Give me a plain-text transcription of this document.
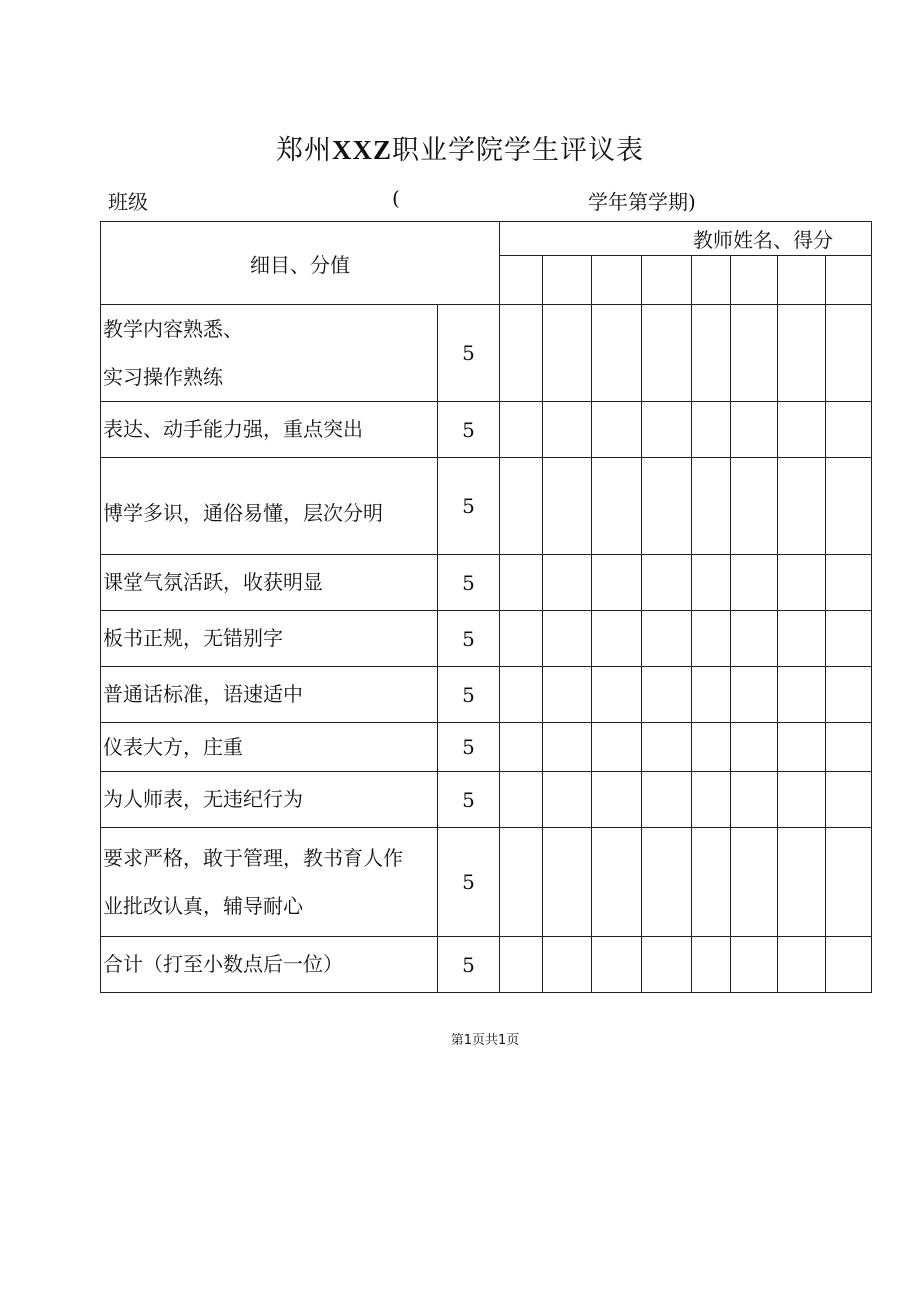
郑州XXZ职业学院学生评议表
班级	(	学年第学期)
细目、分值		教师姓名、得分							

教学内容熟悉、
实习操作熟练	5								
表达、动手能力强，重点突出	5								
博学多识，通俗易懂，层次分明	5								
课堂气氛活跃，收获明显	5								
板书正规，无错别字	5								
普通话标准，语速适中	5								
仪表大方，庄重	5								
为人师表，无违纪行为	5								
要求严格，敢于管理，教书育人作
业批改认真，辅导耐心	5								
合计（打至小数点后一位）	5								
第1页共1页
